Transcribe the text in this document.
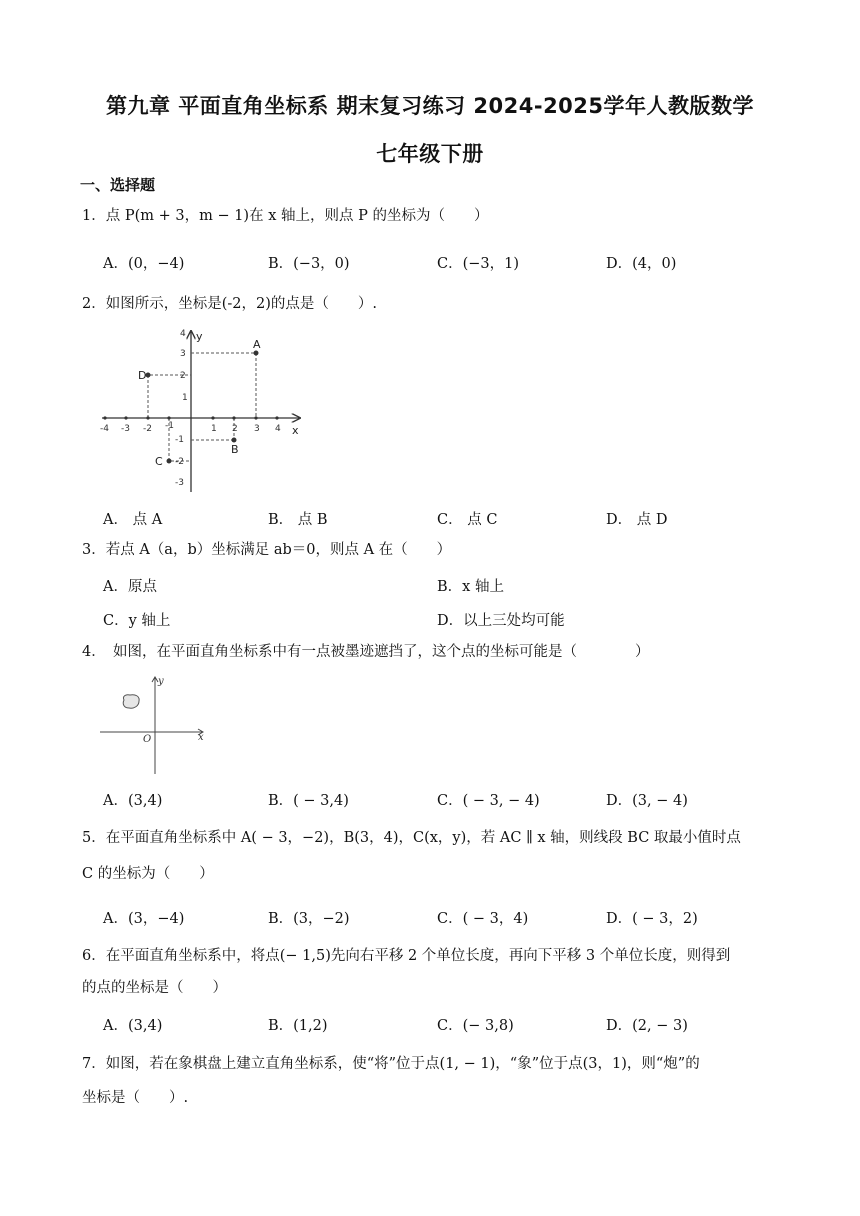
第九章 平面直角坐标系 期末复习练习 2024-2025学年人教版数学
七年级下册
一、选择题
1．点 P(m + 3，m − 1)在 x 轴上，则点 P 的坐标为（　　）
A．(0，−4)	B．(−3，0)	C．(−3，1)	D．(4，0)
2．如图所示，坐标是(-2，2)的点是（　　）.
-4 -3 -2 -1	1 2 3 4
4
3
2
1
-1
-2
-3
x
y
A
B
C
D
A． 点 A	B． 点 B	C． 点 C	D． 点 D
3．若点 A（a，b）坐标满足 ab＝0，则点 A 在（　　）
A．原点	B．x 轴上
C．y 轴上	D．以上三处均可能
4．　如图，在平面直角坐标系中有一点被墨迹遮挡了，这个点的坐标可能是（　　　　）
y
x
O
A．(3,4)	B．( − 3,4)	C．( − 3, − 4)	D．(3, − 4)
5．在平面直角坐标系中 A( − 3，−2)，B(3，4)，C(x，y)，若 AC ∥ x 轴，则线段 BC 取最小值时点
C 的坐标为（　　）
A．(3，−4)	B．(3，−2)	C．( − 3，4)	D．( − 3，2)
6．在平面直角坐标系中，将点(− 1,5)先向右平移 2 个单位长度，再向下平移 3 个单位长度，则得到
的点的坐标是（　　）
A．(3,4)	B．(1,2)	C．(− 3,8)	D．(2, − 3)
7．如图，若在象棋盘上建立直角坐标系，使“将”位于点(1, − 1)，“象”位于点(3，1)，则“炮”的
坐标是（　　）.
